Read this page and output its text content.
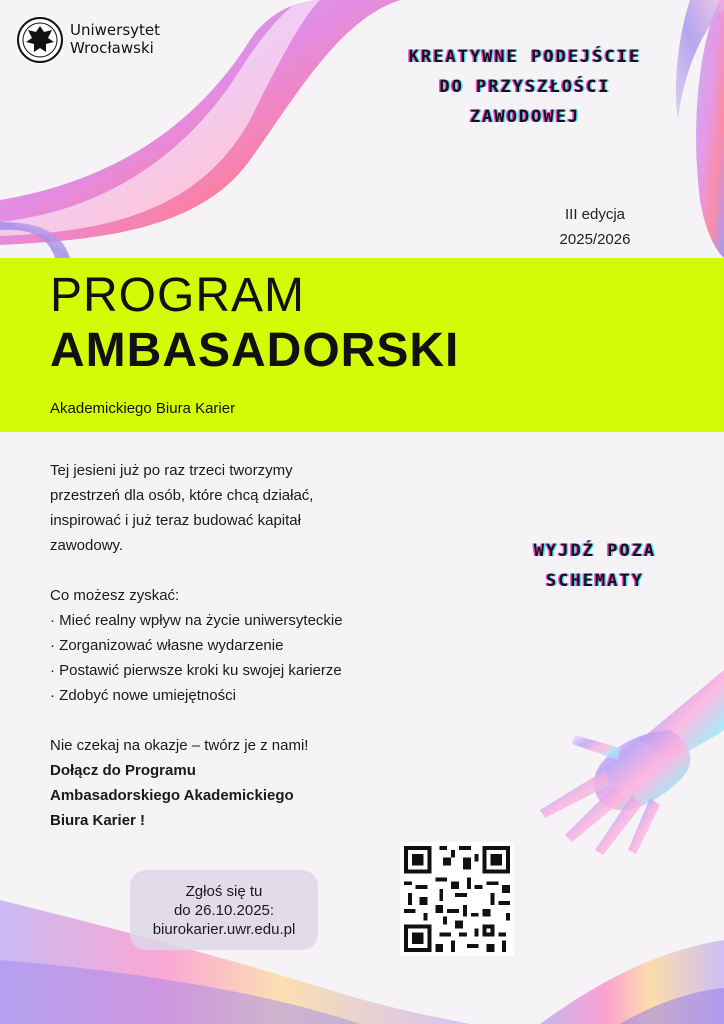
Uniwersytet
Wrocławski	KREATYWNE PODEJŚCIE
DO PRZYSZŁOŚCI
ZAWODOWEJ
III edycja
2025/2026
PROGRAM
AMBASADORSKI
Akademickiego Biura Karier

Tej jesieni już po raz trzeci tworzymy

przestrzeń dla osób, które chcą działać,

inspirować i już teraz budować kapitał

zawodowy.

Co możesz zyskać:

· Mieć realny wpływ na życie uniwersyteckie

· Zorganizować własne wydarzenie

· Postawić pierwsze kroki ku swojej karierze

· Zdobyć nowe umiejętności

Nie czekaj na okazje – twórz je z nami!

Dołącz do Programu

Ambasadorskiego Akademickiego

Biura Karier !

WYJDŹ POZA
SCHEMATY
Zgłoś się tu
do 26.10.2025:
biurokarier.uwr.edu.pl
